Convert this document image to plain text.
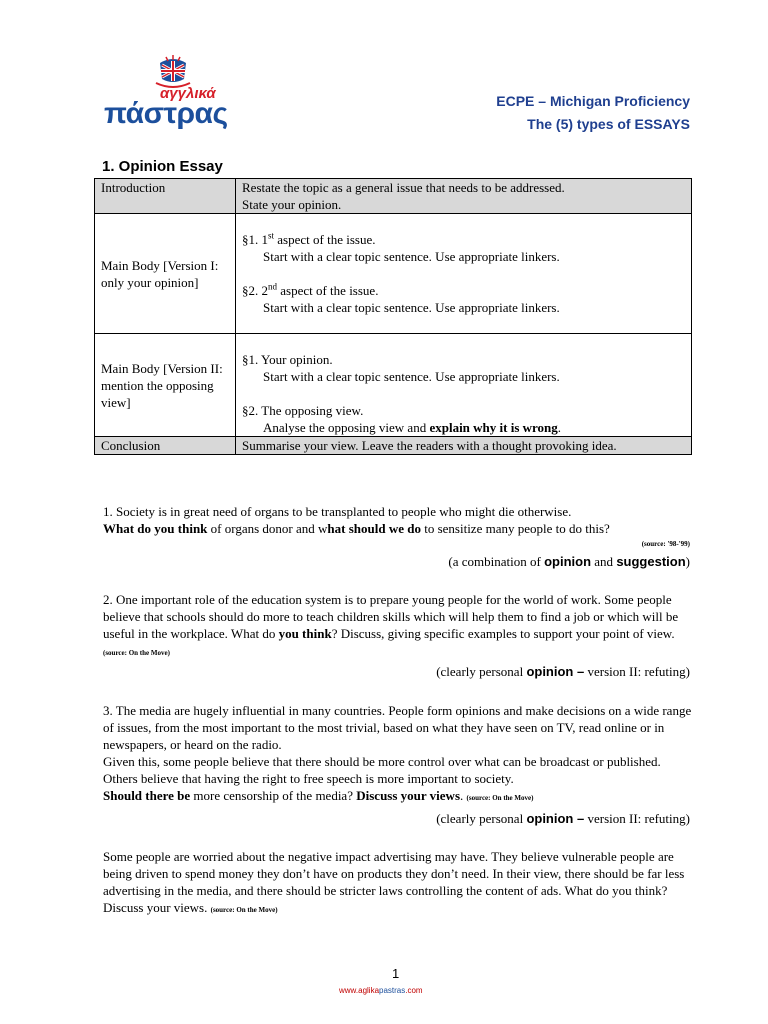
αγγλικά
πάστρας	ECPE – Michigan Proficiency
The (5) types of ESSAYS
1. Opinion Essay
Introduction	Restate the topic as a general issue that needs to be addressed.
State your opinion.

Main Body [Version I: only your opinion]	§1. 1st aspect of the issue.
Start with a clear topic sentence. Use appropriate linkers.
§2. 2nd aspect of the issue.
Start with a clear topic sentence. Use appropriate linkers.

Main Body [Version II: mention the opposing view]	§1. Your opinion.
Start with a clear topic sentence. Use appropriate linkers.
§2. The opposing view.
Analyse the opposing view and explain why it is wrong.

Conclusion	Summarise your view. Leave the readers with a thought provoking idea.
1. Society is in great need of organs to be transplanted to people who might die otherwise.
What do you think of organs donor and what should we do to sensitize many people to do this?
(source: '98-'99)
(a combination of opinion and suggestion)
2. One important role of the education system is to prepare young people for the world of work. Some people believe that schools should do more to teach children skills which will help them to find a job or which will be useful in the workplace. What do you think? Discuss, giving specific examples to support your point of view. (source: On the Move)
(clearly personal opinion – version II: refuting)
3. The media are hugely influential in many countries. People form opinions and make decisions on a wide range of issues, from the most important to the most trivial, based on what they have seen on TV, read online or in newspapers, or heard on the radio.
Given this, some people believe that there should be more control over what can be broadcast or published. Others believe that having the right to free speech is more important to society.
Should there be more censorship of the media? Discuss your views. (source: On the Move)
(clearly personal opinion – version II: refuting)
Some people are worried about the negative impact advertising may have. They believe vulnerable people are being driven to spend money they don’t have on products they don’t need. In their view, there should be far less advertising in the media, and there should be stricter laws controlling the content of ads. What do you think? Discuss your views. (source: On the Move)
1
www.aglikapastras.com
